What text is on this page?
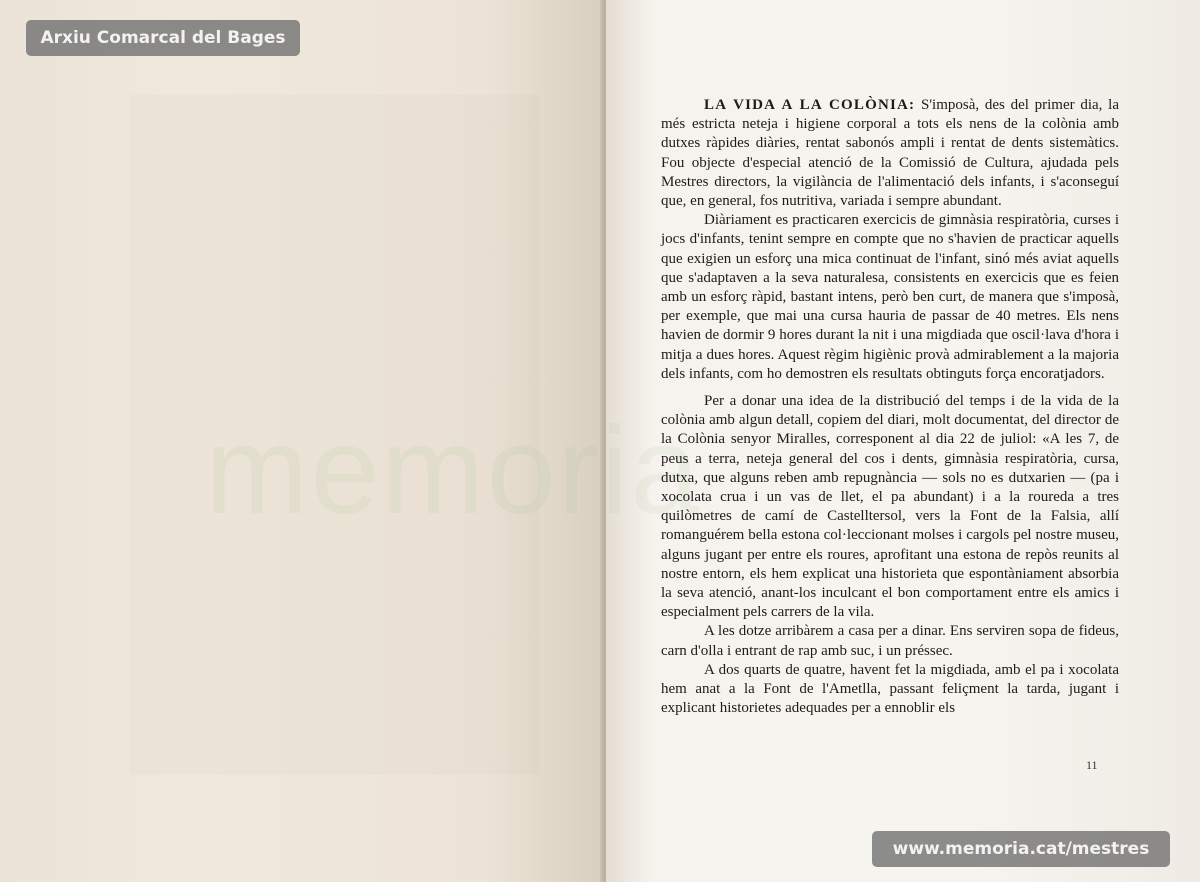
memoria

LA VIDA A LA COLÒNIA: S'imposà, des del primer dia, la més estricta neteja i higiene corporal a tots els nens de la colònia amb dutxes ràpides diàries, rentat sabonós ampli i rentat de dents sistemàtics. Fou objecte d'especial atenció de la Comissió de Cultura, ajudada pels Mestres directors, la vigilància de l'alimentació dels infants, i s'aconseguí que, en general, fos nutritiva, variada i sempre abundant.

Diàriament es practicaren exercicis de gimnàsia respiratòria, curses i jocs d'infants, tenint sempre en compte que no s'havien de practicar aquells que exigien un esforç una mica continuat de l'infant, sinó més aviat aquells que s'adaptaven a la seva naturalesa, consistents en exercicis que es feien amb un esforç ràpid, bastant intens, però ben curt, de manera que s'imposà, per exemple, que mai una cursa hauria de passar de 40 metres. Els nens havien de dormir 9 hores durant la nit i una migdiada que oscil·lava d'hora i mitja a dues hores. Aquest règim higiènic provà admirablement a la majoria dels infants, com ho demostren els resultats obtinguts força encoratjadors.

Per a donar una idea de la distribució del temps i de la vida de la colònia amb algun detall, copiem del diari, molt documentat, del director de la Colònia senyor Miralles, corresponent al dia 22 de juliol: «A les 7, de peus a terra, neteja general del cos i dents, gimnàsia respiratòria, cursa, dutxa, que alguns reben amb repugnància — sols no es dutxarien — (pa i xocolata crua i un vas de llet, el pa abundant) i a la roureda a tres quilòmetres de camí de Castelltersol, vers la Font de la Falsia, allí romanguérem bella estona col·leccionant molses i cargols pel nostre museu, alguns jugant per entre els roures, aprofitant una estona de repòs reunits al nostre entorn, els hem explicat una historieta que espontàniament absorbia la seva atenció, anant-los inculcant el bon comportament entre els amics i especialment pels carrers de la vila.

A les dotze arribàrem a casa per a dinar. Ens serviren sopa de fideus, carn d'olla i entrant de rap amb suc, i un préssec.

A dos quarts de quatre, havent fet la migdiada, amb el pa i xocolata hem anat a la Font de l'Ametlla, passant feliçment la tarda, jugant i explicant historietes adequades per a ennoblir els

11
Arxiu Comarcal del Bages
www.memoria.cat/mestres
